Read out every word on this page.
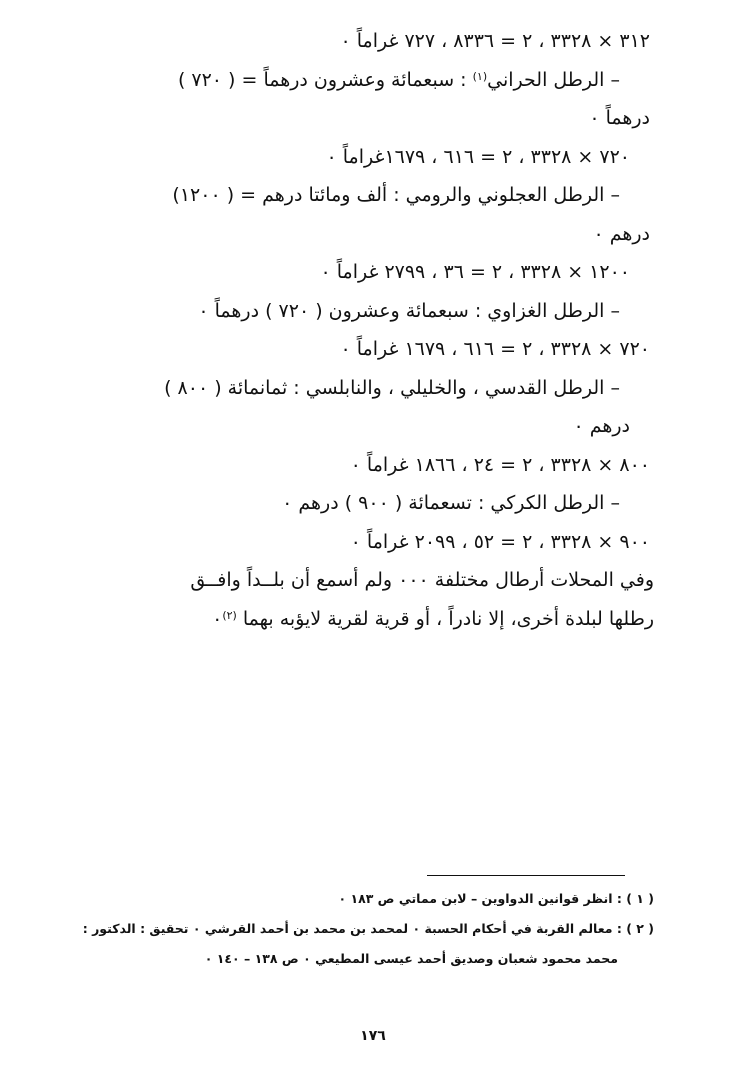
٣١٢ × ٣٣٢٨ ، ٢ = ٨٣٣٦ ، ٧٢٧ غراماً ٠
– الرطل الحراني$^{(١)}$ : سبعمائة وعشرون درهماً = ( ٧٢٠ )
درهماً ٠
٧٢٠ × ٣٣٢٨ ، ٢ = ٦١٦ ، ١٦٧٩غراماً ٠
– الرطل العجلوني والرومي : ألف ومائتا درهم = ( ١٢٠٠)
درهم ٠
١٢٠٠ × ٣٣٢٨ ، ٢ = ٣٦ ، ٢٧٩٩ غراماً ٠
– الرطل الغزاوي : سبعمائة وعشرون ( ٧٢٠ ) درهماً ٠
٧٢٠ × ٣٣٢٨ ، ٢ = ٦١٦ ، ١٦٧٩ غراماً ٠
– الرطل القدسي ، والخليلي ، والنابلسي : ثمانمائة ( ٨٠٠ )
درهم ٠
٨٠٠ × ٣٣٢٨ ، ٢ = ٢٤ ، ١٨٦٦ غراماً ٠
– الرطل الكركي : تسعمائة ( ٩٠٠ ) درهم ٠
٩٠٠ × ٣٣٢٨ ، ٢ = ٥٢ ، ٢٠٩٩ غراماً ٠
وفي المحلات أرطال مختلفة ٠٠٠ ولم أسمع أن بلــداً وافــق
رطلها لبلدة أخرى، إلا نادراً ، أو قرية لقرية لايؤبه بهما $^{(٢)}$٠
( ١ ) : انظر قوانين الدواوين – لابن مماتي ص ١٨٣ ٠
( ٢ ) : معالم القربة في أحكام الحسبة ٠ لمحمد بن محمد بن أحمد القرشي ٠ تحقيق : الدكتور :
محمد محمود شعبان وصديق أحمد عيسى المطيعي ٠ ص ١٣٨ – ١٤٠ ٠
١٧٦
